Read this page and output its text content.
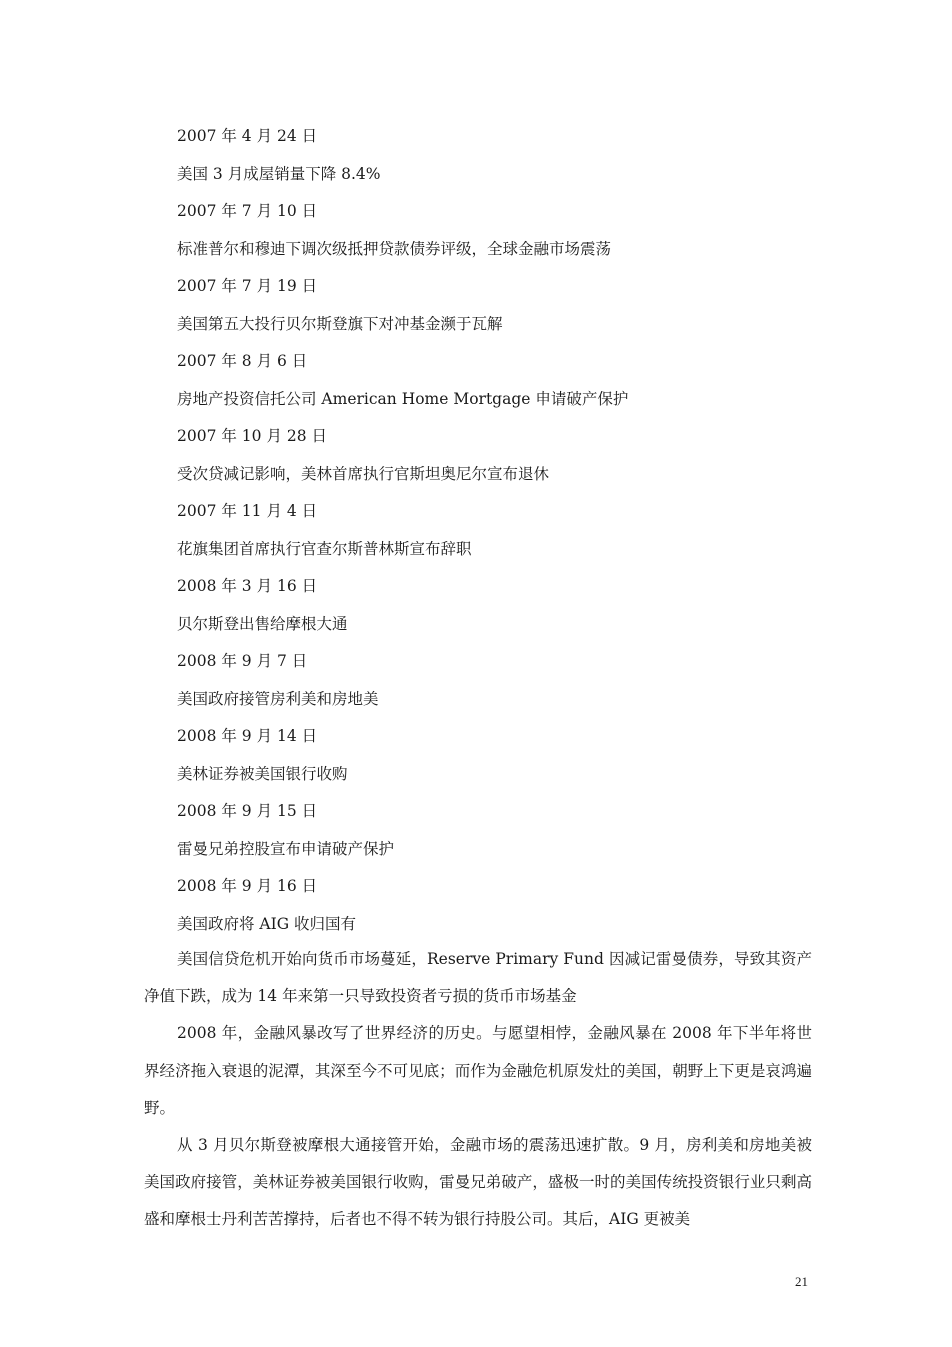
2007 年 4 月 24 日
美国 3 月成屋销量下降 8.4%
2007 年 7 月 10 日
标准普尔和穆迪下调次级抵押贷款债券评级，全球金融市场震荡
2007 年 7 月 19 日
美国第五大投行贝尔斯登旗下对冲基金濒于瓦解
2007 年 8 月 6 日
房地产投资信托公司 American Home Mortgage 申请破产保护
2007 年 10 月 28 日
受次贷减记影响，美林首席执行官斯坦奥尼尔宣布退休
2007 年 11 月 4 日
花旗集团首席执行官查尔斯普林斯宣布辞职
2008 年 3 月 16 日
贝尔斯登出售给摩根大通
2008 年 9 月 7 日
美国政府接管房利美和房地美
2008 年 9 月 14 日
美林证券被美国银行收购
2008 年 9 月 15 日
雷曼兄弟控股宣布申请破产保护
2008 年 9 月 16 日
美国政府将 AIG 收归国有

美国信贷危机开始向货币市场蔓延，Reserve Primary Fund 因减记雷曼债券，导致其资产净值下跌，成为 14 年来第一只导致投资者亏损的货币市场基金

2008 年，金融风暴改写了世界经济的历史。与愿望相悖，金融风暴在 2008 年下半年将世界经济拖入衰退的泥潭，其深至今不可见底；而作为金融危机原发灶的美国，朝野上下更是哀鸿遍野。

从 3 月贝尔斯登被摩根大通接管开始，金融市场的震荡迅速扩散。9 月，房利美和房地美被美国政府接管，美林证券被美国银行收购，雷曼兄弟破产，盛极一时的美国传统投资银行业只剩高盛和摩根士丹利苦苦撑持，后者也不得不转为银行持股公司。其后，AIG 更被美

21
